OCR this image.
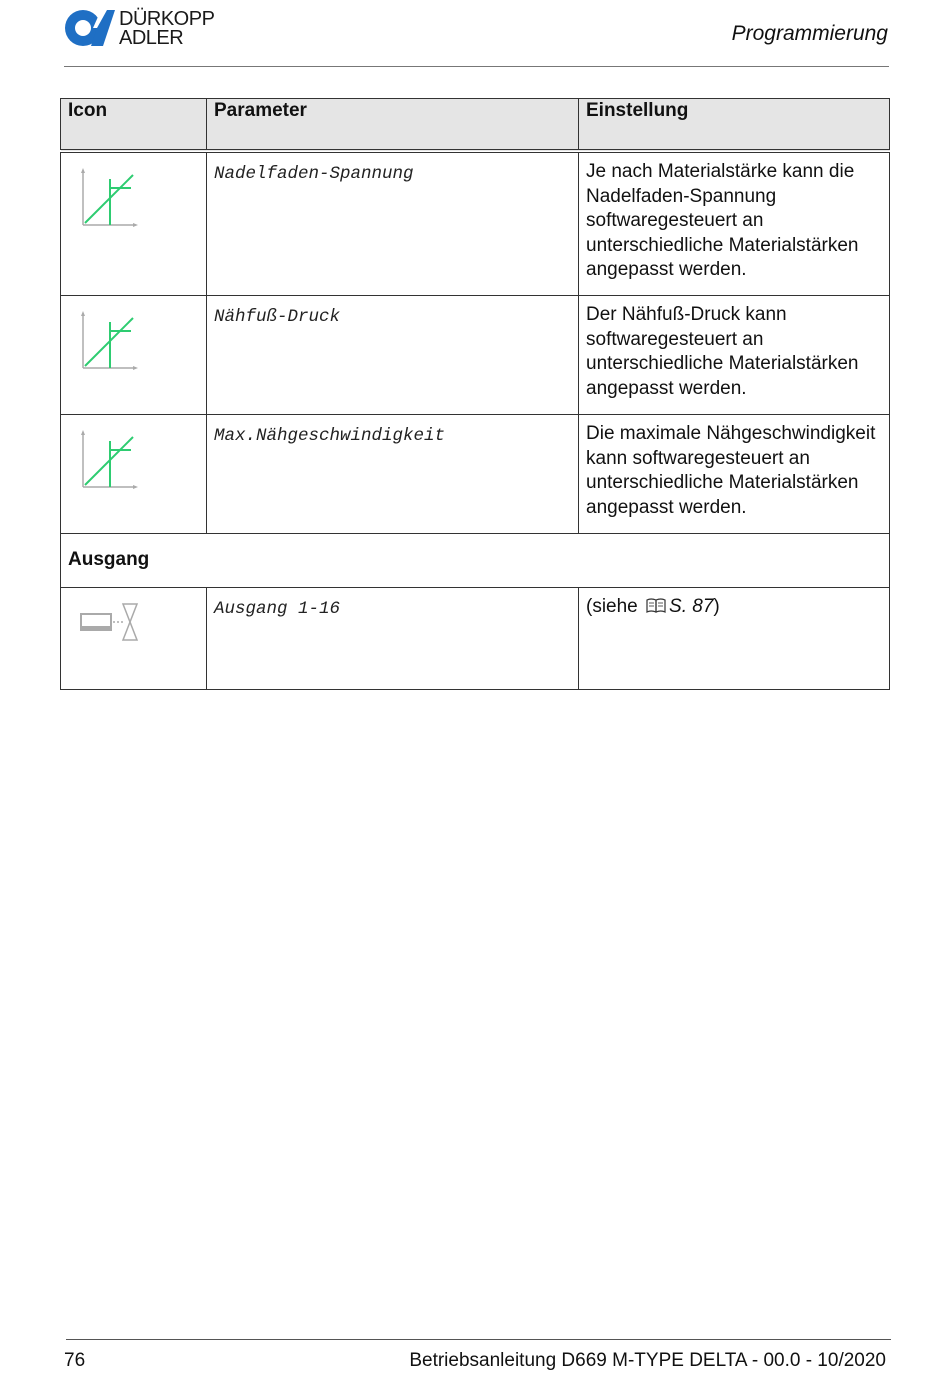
DÜRKOPP
ADLER	Programmierung
Icon	Parameter	Einstellung
	Nadelfaden-Spannung	Je nach Materialstärke kann die Nadelfaden-Spannung softwaregesteuert an unterschiedliche Materialstärken angepasst werden.
	Nähfuß-Druck	Der Nähfuß-Druck kann softwaregesteuert an unterschiedliche Materialstärken angepasst werden.
	Max.Nähgeschwindigkeit	Die maximale Nähgeschwindigkeit kann softwaregesteuert an unterschiedliche Materialstärken angepasst werden.
Ausgang		
	Ausgang 1-16	(siehe S. 87)
76	Betriebsanleitung D669 M-TYPE DELTA - 00.0 - 10/2020
